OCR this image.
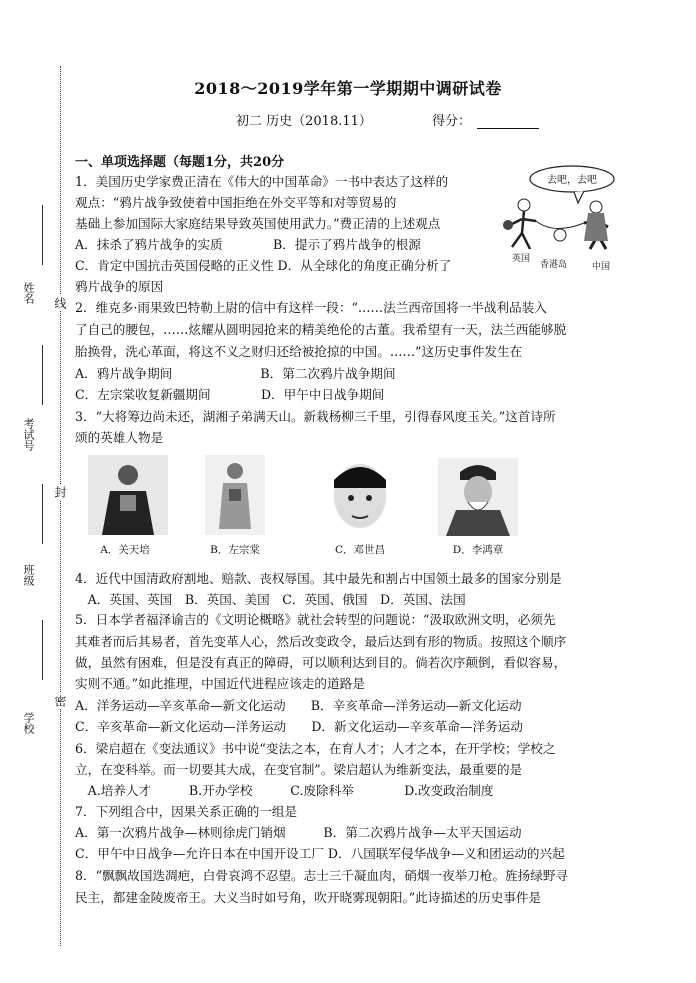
姓名
考试号
班级
学校
线
封
密
2018～2019学年第一学期期中调研试卷
初二 历史（2018.11）	得分：
一、单项选择题（每题1分，共20分
1．美国历史学家费正清在《伟大的中国革命》一书中表达了这样的
观点：“鸦片战争致使着中国拒绝在外交平等和对等贸易的
基础上参加国际大家庭结果导致英国使用武力。”费正清的上述观点
A．抹杀了鸦片战争的实质　　　　B．提示了鸦片战争的根源
C．肯定中国抗击英国侵略的正义性 D．从全球化的角度正确分析了
鸦片战争的原因
2．维克多·雨果致巴特勒上尉的信中有这样一段：“……法兰西帝国将一半战利品装入
了自己的腰包，……炫耀从圆明园抢来的精美绝伦的古董。我希望有一天，法兰西能够脱
胎换骨，洗心革面，将这不义之财归还给被抢掠的中国。……”这历史事件发生在
A．鸦片战争期间　　　　　　　B．第二次鸦片战争期间
C．左宗棠收复新疆期间　　　　D．甲午中日战争期间
3．“大将筹边尚未还，湖湘子弟满天山。新栽杨柳三千里，引得春风度玉关。”这首诗所
颂的英雄人物是
4．近代中国清政府割地、赔款、丧权辱国。其中最先和割占中国领土最多的国家分别是
　A．英国、英国　B．英国、美国　C．英国、俄国　D．英国、法国
5．日本学者福泽谕吉的《文明论概略》就社会转型的问题说：“汲取欧洲文明，必须先
其难者而后其易者，首先变革人心，然后改变政令，最后达到有形的物质。按照这个顺序
做，虽然有困难，但是没有真正的障碍，可以顺利达到目的。倘若次序颠倒，看似容易，
实则不通。”如此推理，中国近代进程应该走的道路是
A．洋务运动—辛亥革命—新文化运动　　B．辛亥革命—洋务运动—新文化运动
C．辛亥革命—新文化运动—洋务运动　　D．新文化运动—辛亥革命—洋务运动
6．梁启超在《变法通议》书中说“变法之本，在育人才；人才之本，在开学校；学校之
立，在变科举。而一切要其大成，在变官制”。梁启超认为维新变法，最重要的是
　A.培养人才　　　B.开办学校　　　C.废除科举　　　　D.改变政治制度
7．下列组合中，因果关系正确的一组是
A．第一次鸦片战争—林则徐虎门销烟　　　B．第二次鸦片战争—太平天国运动
C．甲午中日战争—允许日本在中国开设工厂 D．八国联军侵华战争—义和团运动的兴起
8．“飘飘故国迭凋疤，白骨哀鸿不忍望。志士三千凝血肉，硝烟一夜举刀枪。旌扬绿野寻
民主，都建金陵废帝王。大义当时如号角，吹开晓雾现朝阳。”此诗描述的历史事件是
去吧，去吧
英国
香港岛	中国
A．关天培	B．左宗棠	C．邓世昌	D．李鸿章
